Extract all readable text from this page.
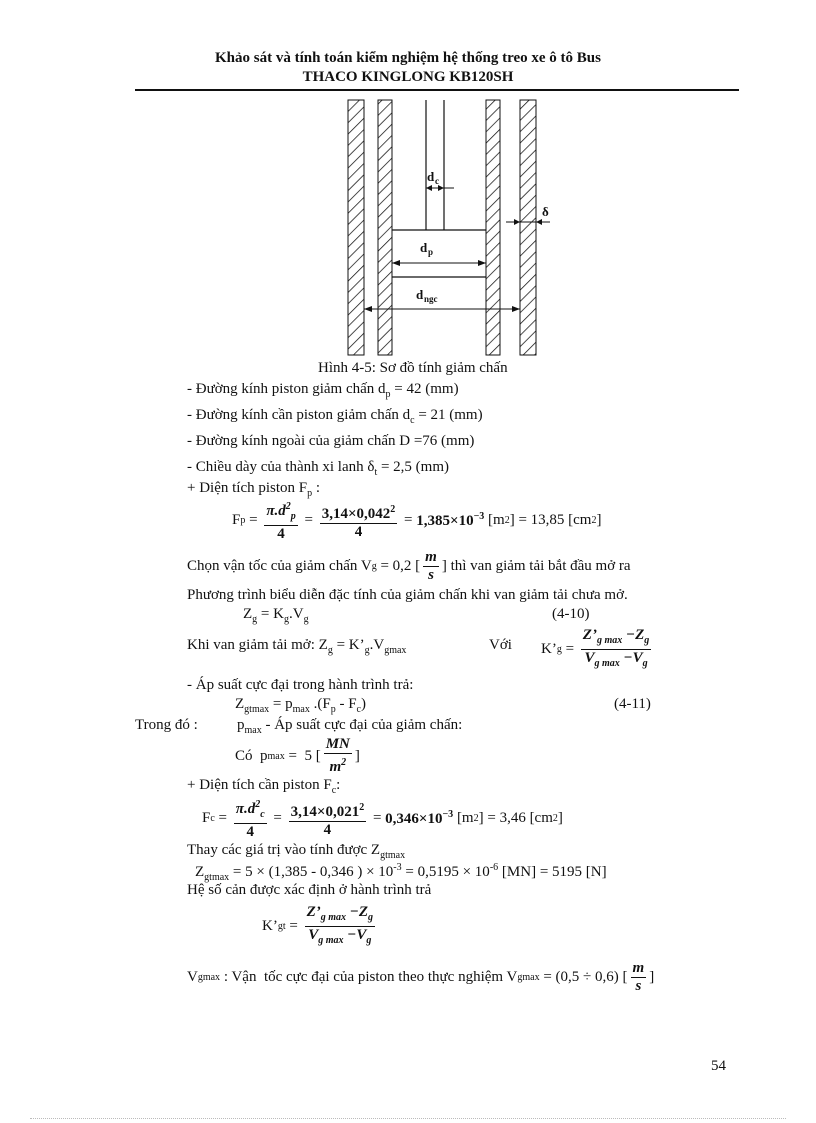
Khảo sát và tính toán kiểm nghiệm hệ thống treo xe ô tô Bus
THACO KINGLONG KB120SH
d c
δ
d p
d ngc
Hình 4-5: Sơ đồ tính giảm chấn
- Đường kính piston giảm chấn $d_p = 42$ (mm)
- Đường kính cần piston giảm chấn $d_c = 21$ (mm)
- Đường kính ngoài của giảm chấn D =76 (mm)
- Chiều dày của thành xi lanh $\delta_t = 2,5$ (mm)
+ Diện tích piston $F_p$ :
F $p = \frac{\pi.d^2_p}{4} = \frac{3,14\times 0,042^2}{4} = 1,385\times 10^{-3}$ [m 2 ] = 13,85 [cm 2 ]
Chọn vận tốc của giảm chấn V g = 0,2 [ $\frac{m}{s}$ ] thì van giảm tải bắt đầu mở ra
Phương trình biểu diễn đặc tính của giảm chấn khi van giảm tải chưa mở.
$Z_g = K_g.V_g$	(4-10)
Khi van giảm tải mở: $Z_g$ = $K’_g.V_{gmax}$	Với K’ $g = \frac{Z’_{g max} -Z_g}{V_{g max} -V_g}$
- Áp suất cực đại trong hành trình trả:
$Z_{gtmax} = p_{max}$ $.(F_p - F_c)$	(4-11)
Trong đó :	$p_{max}$ - Áp suất cực đại của giảm chấn:
Có  p max =  5 [ $\frac{MN}{m^2}$ ]
+ Diện tích cần piston $F_c$:
F $c = \frac{\pi.d^2_c}{4} = \frac{3,14\times 0,021^2}{4} = 0,346\times 10^{-3}$ [m 2 ] = 3,46 [cm 2 ]
Thay các giá trị vào tính được $Z_{gtmax}$
$Z_{gtmax} = 5 \times (1,385 - 0,346$ ) × $10^{-3} = 0,5195 \times 10^{-6}$ [MN] = 5195 [N]
Hệ số cản được xác định ở hành trình trả
K’ gt = $\frac{Z’_{g max} -Z_g}{V_{g max} -V_g}$
V gmax : Vận  tốc cực đại của piston theo thực nghiệm V gmax = (0,5 ÷ 0,6) [ $\frac{m}{s}$ ]
54
